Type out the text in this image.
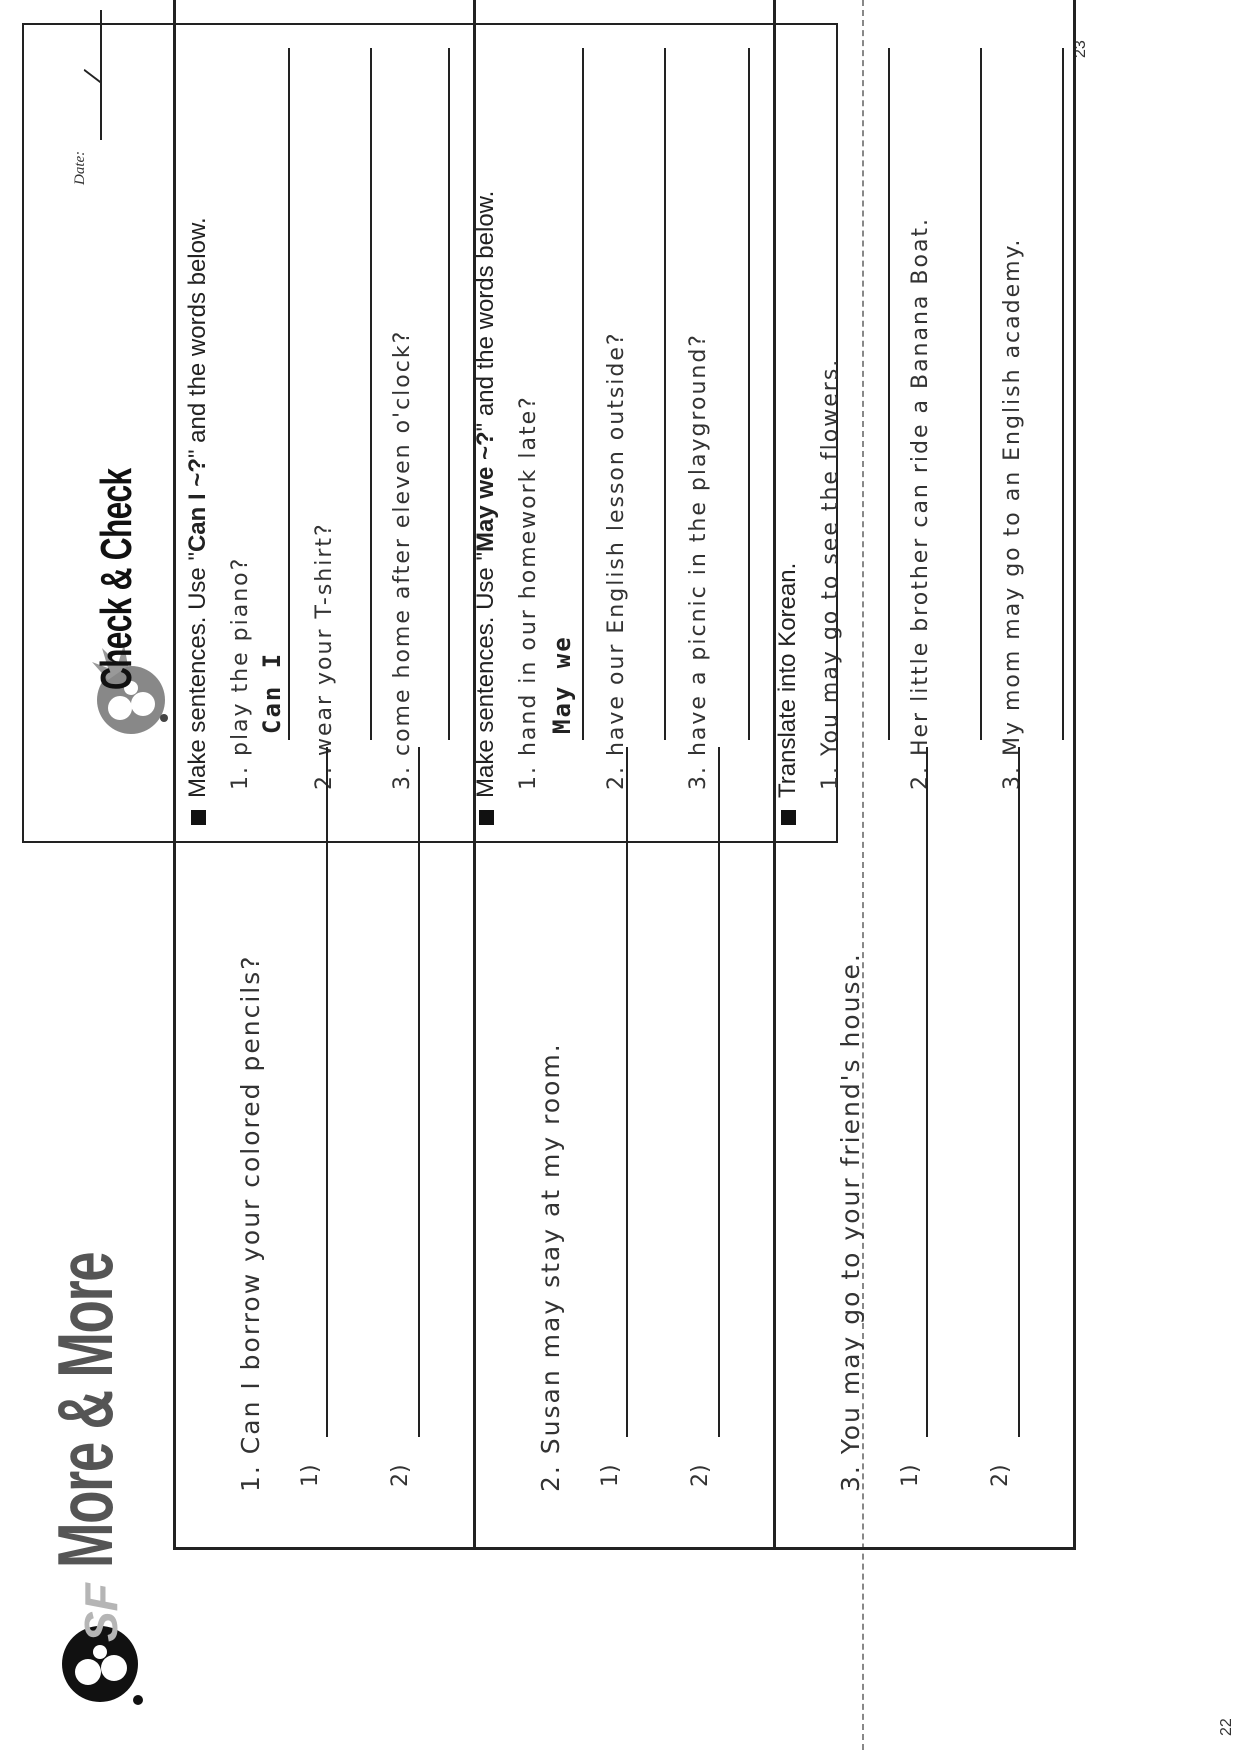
Check & Check
Date:
/
Make sentences. Use "Can I ~?" and the words below.
1. play the piano? Can I 2. wear your T-shirt? 3. come home after eleven o'clock? Make sentences. Use "May we ~?" and the words below.
1. hand in our homework late? May we 2. have our English lesson outside?	3. have a picnic in the playground?	Translate into Korean. 1. You may go to see the flowers.	2. Her little brother can ride a Banana Boat.	3. My mom may go to an English academy.
23
SF
More & More	1. Can I borrow your colored pencils? 1)	2)	2. Susan may stay at my room. 1)	2)	3. You may go to your friend's house. 1)	2)
22
